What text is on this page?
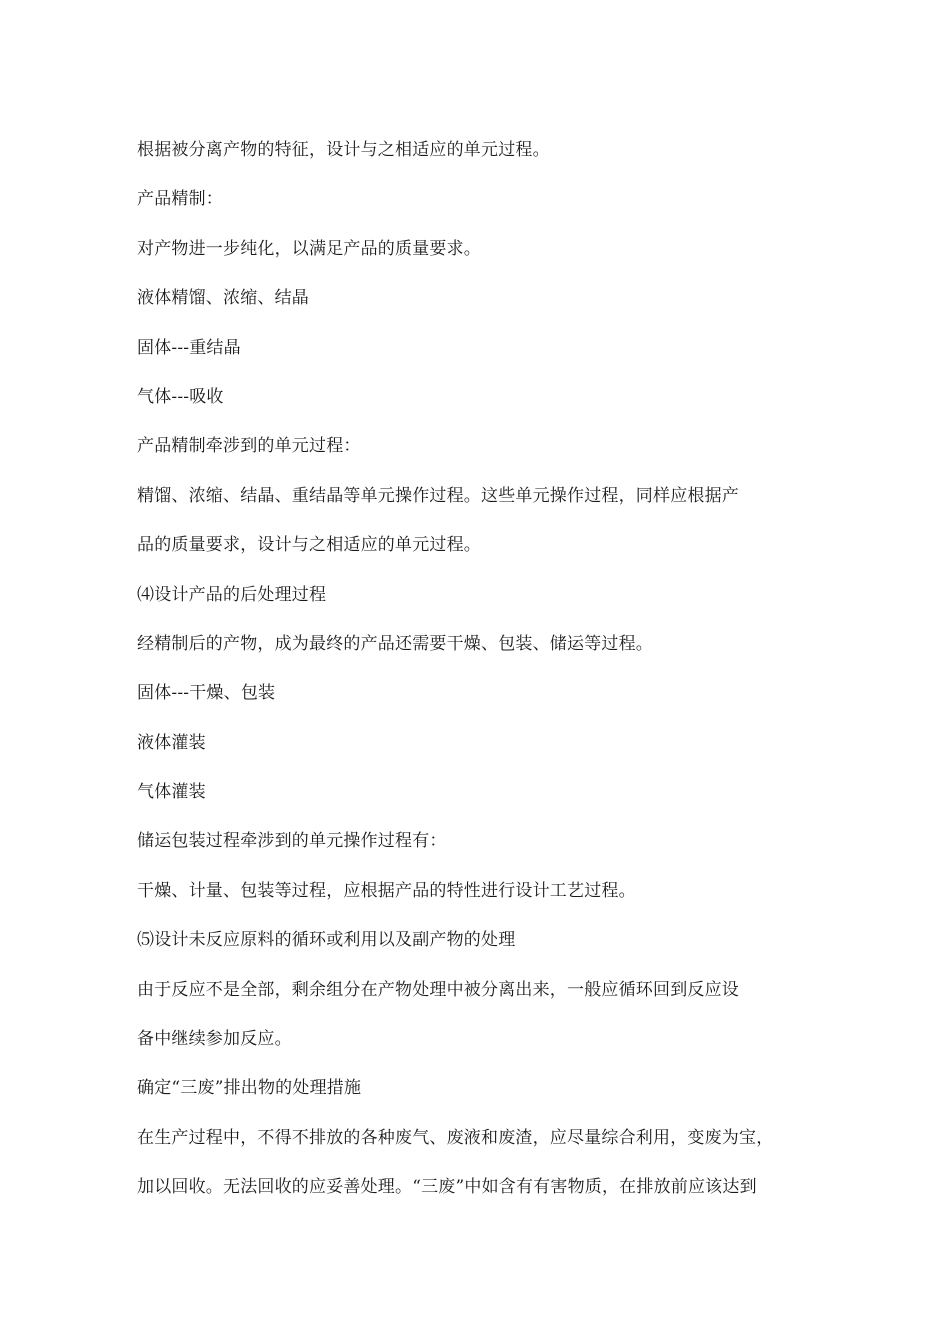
根据被分离产物的特征，设计与之相适应的单元过程。
产品精制：
对产物进一步纯化，以满足产品的质量要求。
液体精馏、浓缩、结晶
固体---重结晶
气体---吸收
产品精制牵涉到的单元过程：
精馏、浓缩、结晶、重结晶等单元操作过程。这些单元操作过程，同样应根据产
品的质量要求，设计与之相适应的单元过程。
⑷设计产品的后处理过程
经精制后的产物，成为最终的产品还需要干燥、包装、储运等过程。
固体---干燥、包装
液体灌装
气体灌装
储运包装过程牵涉到的单元操作过程有：
干燥、计量、包装等过程，应根据产品的特性进行设计工艺过程。
⑸设计未反应原料的循环或利用以及副产物的处理
由于反应不是全部，剩余组分在产物处理中被分离出来，一般应循环回到反应设
备中继续参加反应。
确定“三废”排出物的处理措施
在生产过程中，不得不排放的各种废气、废液和废渣，应尽量综合利用，变废为宝，
加以回收。无法回收的应妥善处理。“三废”中如含有有害物质，在排放前应该达到
